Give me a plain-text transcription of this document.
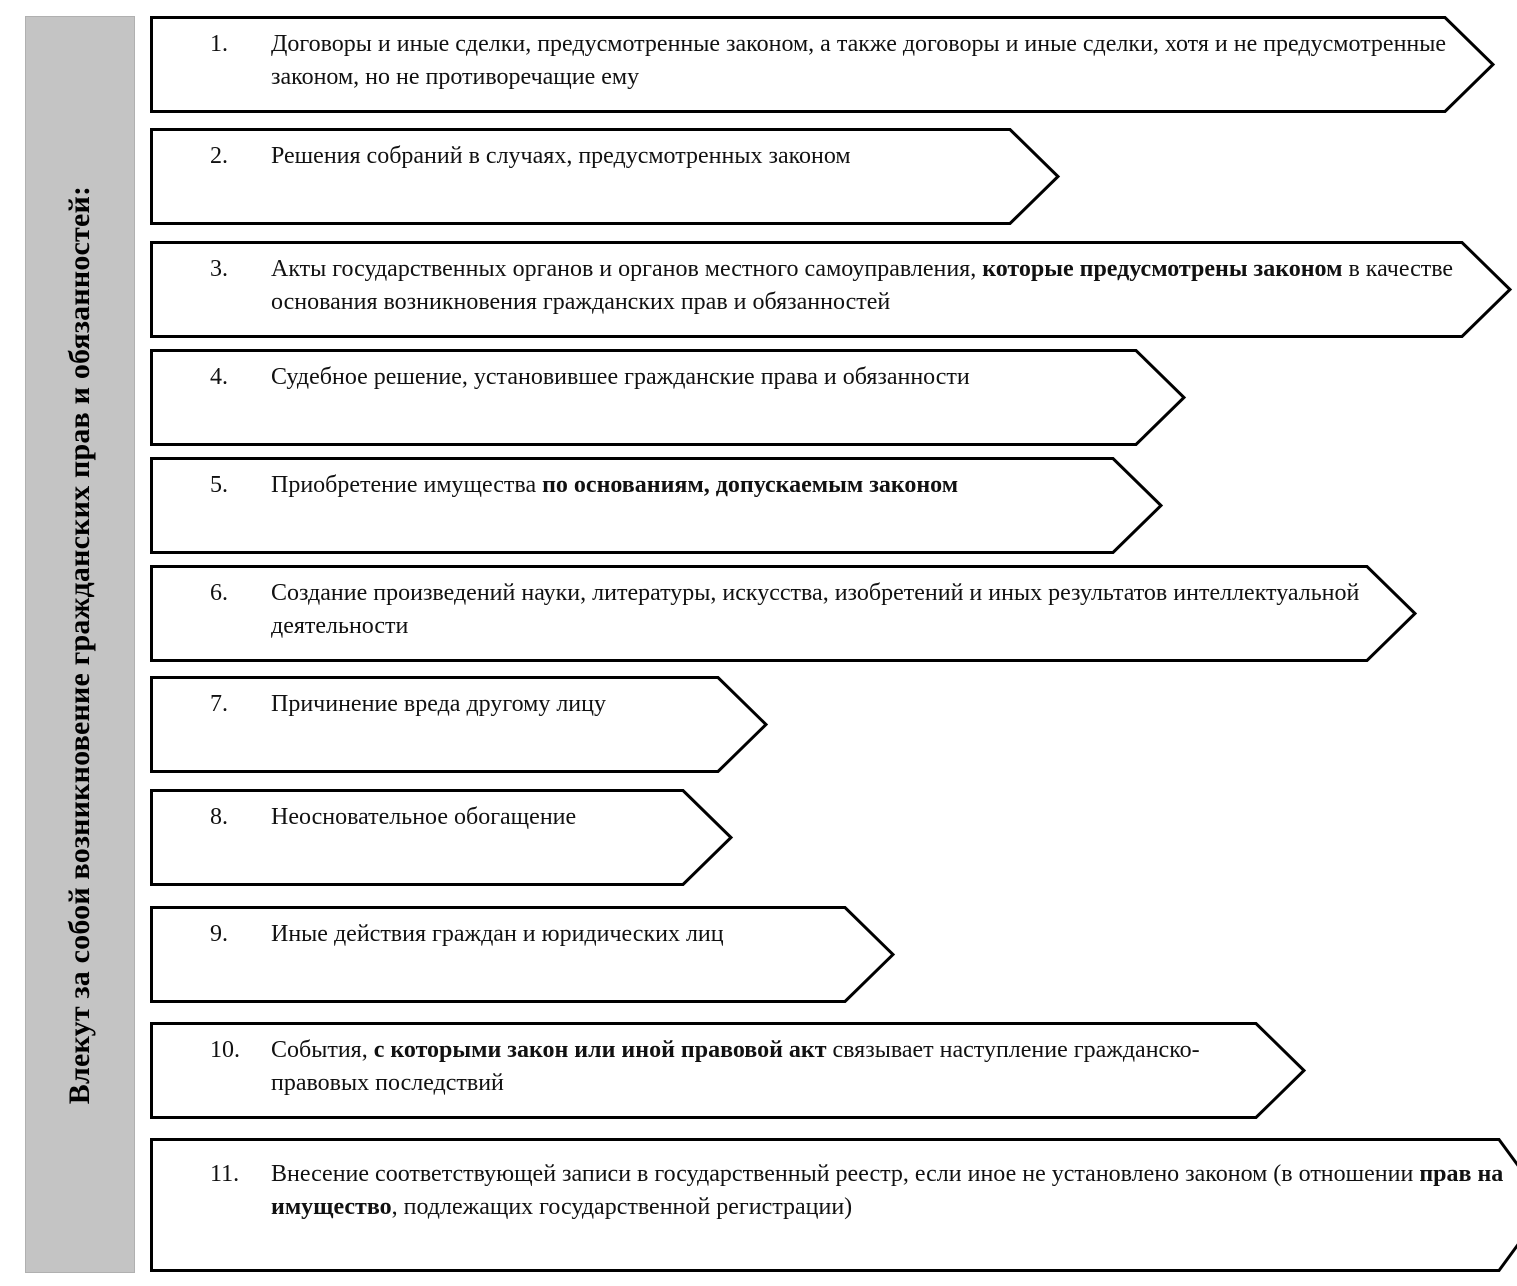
Влекут за собой возникновение гражданских прав и обязанностей:
1. Договоры и иные сделки, предусмотренные законом, а также договоры и иные сделки, хотя и не предусмотренные законом, но не противоречащие ему
2. Решения собраний в случаях, предусмотренных законом
3. Акты государственных органов и органов местного самоуправления, которые предусмотрены законом в качестве основания возникновения гражданских прав и обязанностей
4. Судебное решение, установившее гражданские права и обязанности
5. Приобретение имущества по основаниям, допускаемым законом
6. Создание произведений науки, литературы, искусства, изобретений и иных результатов интеллектуальной деятельности
7. Причинение вреда другому лицу
8. Неосновательное обогащение
9. Иные действия граждан и юридических лиц
10. События, с которыми закон или иной правовой акт связывает наступление гражданско-правовых последствий
11. Внесение соответствующей записи в государственный реестр, если иное не установлено законом (в отношении прав на имущество, подлежащих государственной регистрации)
